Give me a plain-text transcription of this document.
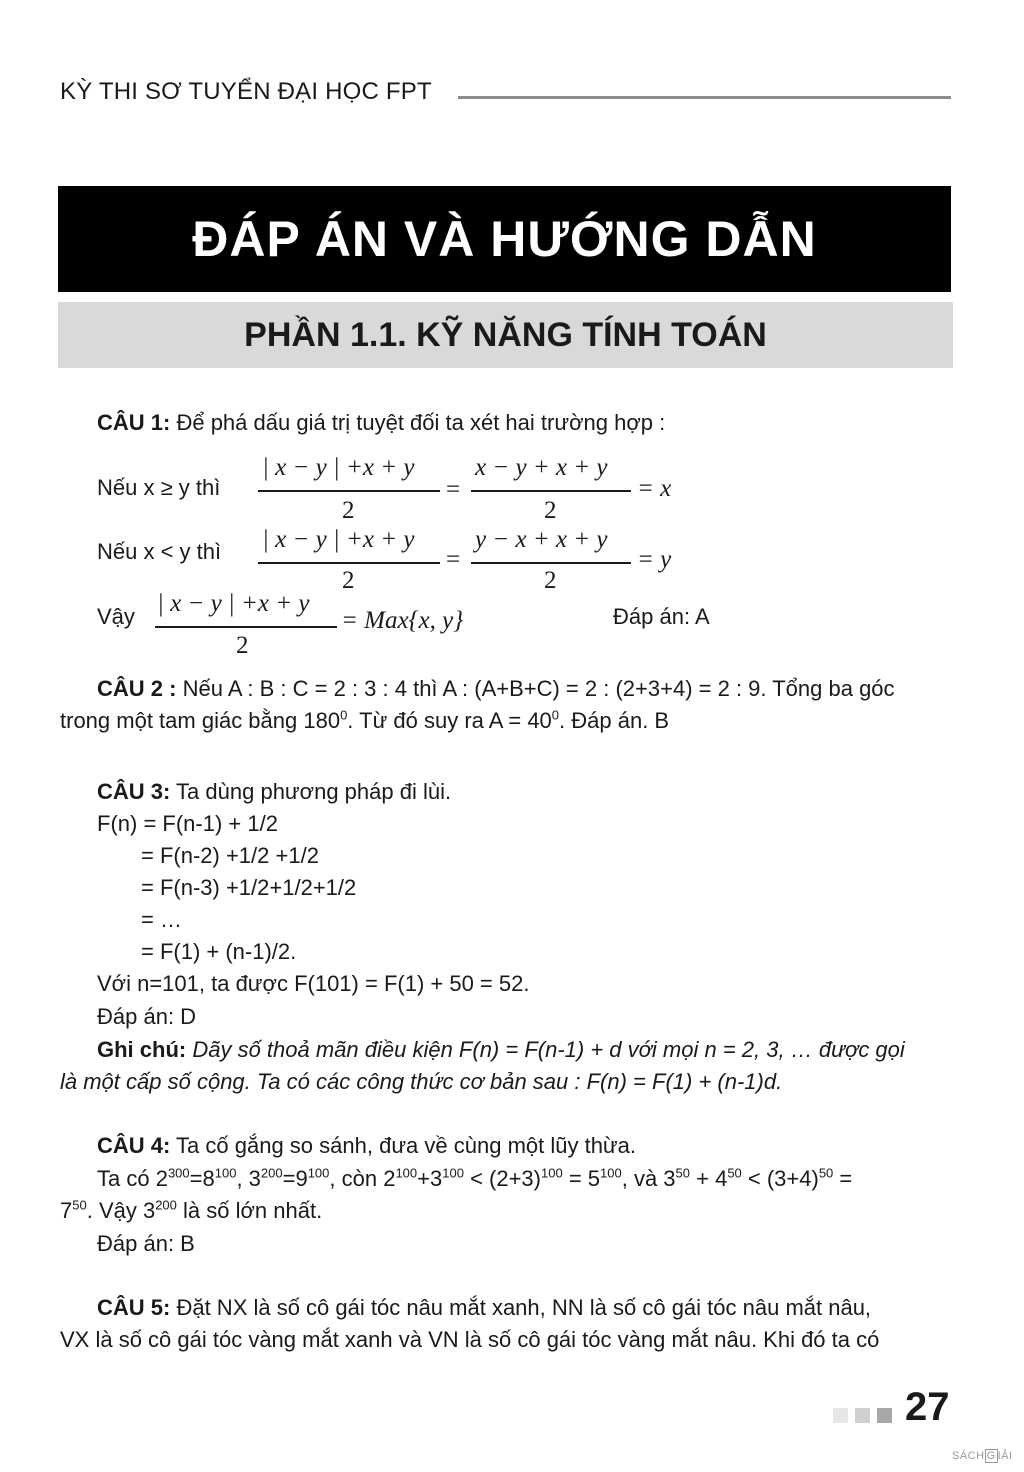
KỲ THI SƠ TUYỂN ĐẠI HỌC FPT
ĐÁP ÁN VÀ HƯỚNG DẪN
PHẦN 1.1. KỸ NĂNG TÍNH TOÁN
CÂU 1: Để phá dấu giá trị tuyệt đối ta xét hai trường hợp :
Nếu x ≥ y thì
| x − y | +x + y
2
=
x − y + x + y
2
= x
Nếu x < y thì | x − y | +x + y
2
=
y − x + x + y
2
= y
Vậy | x − y | +x + y
2
= Max{x, y}	Đáp án: A
CÂU 2 : Nếu A : B : C = 2 : 3 : 4 thì A : (A+B+C) = 2 : (2+3+4) = 2 : 9. Tổng ba góc
trong một tam giác bằng $180^0$. Từ đó suy ra $A = 40^0$. Đáp án. B
CÂU 3: Ta dùng phương pháp đi lùi.
F(n) = F(n-1) + 1/2
= F(n-2) +1/2 +1/2
= F(n-3) +1/2+1/2+1/2
= …
= F(1) + (n-1)/2.
Với n=101, ta được F(101) = F(1) + 50 = 52.
Đáp án: D
Ghi chú: Dãy số thoả mãn điều kiện F(n) = F(n-1) + d với mọi n = 2, 3, … được gọi
là một cấp số cộng. Ta có các công thức cơ bản sau : F(n) = F(1) + (n-1)d.
CÂU 4: Ta cố gắng so sánh, đưa về cùng một lũy thừa.
Ta có $2^{300}=8^{100}$, $3^{200}=9^{100}$, còn $2^{100}+3^{100} < (2+3)^{100} = 5^{100}$, và $3^{50} + 4^{50} < (3+4)^{50}$ =
$7^{50}$. Vậy $3^{200}$ là số lớn nhất.
Đáp án: B
CÂU 5: Đặt NX là số cô gái tóc nâu mắt xanh, NN là số cô gái tóc nâu mắt nâu,
VX là số cô gái tóc vàng mắt xanh và VN là số cô gái tóc vàng mắt nâu. Khi đó ta có
27
SÁCH G IẢI
